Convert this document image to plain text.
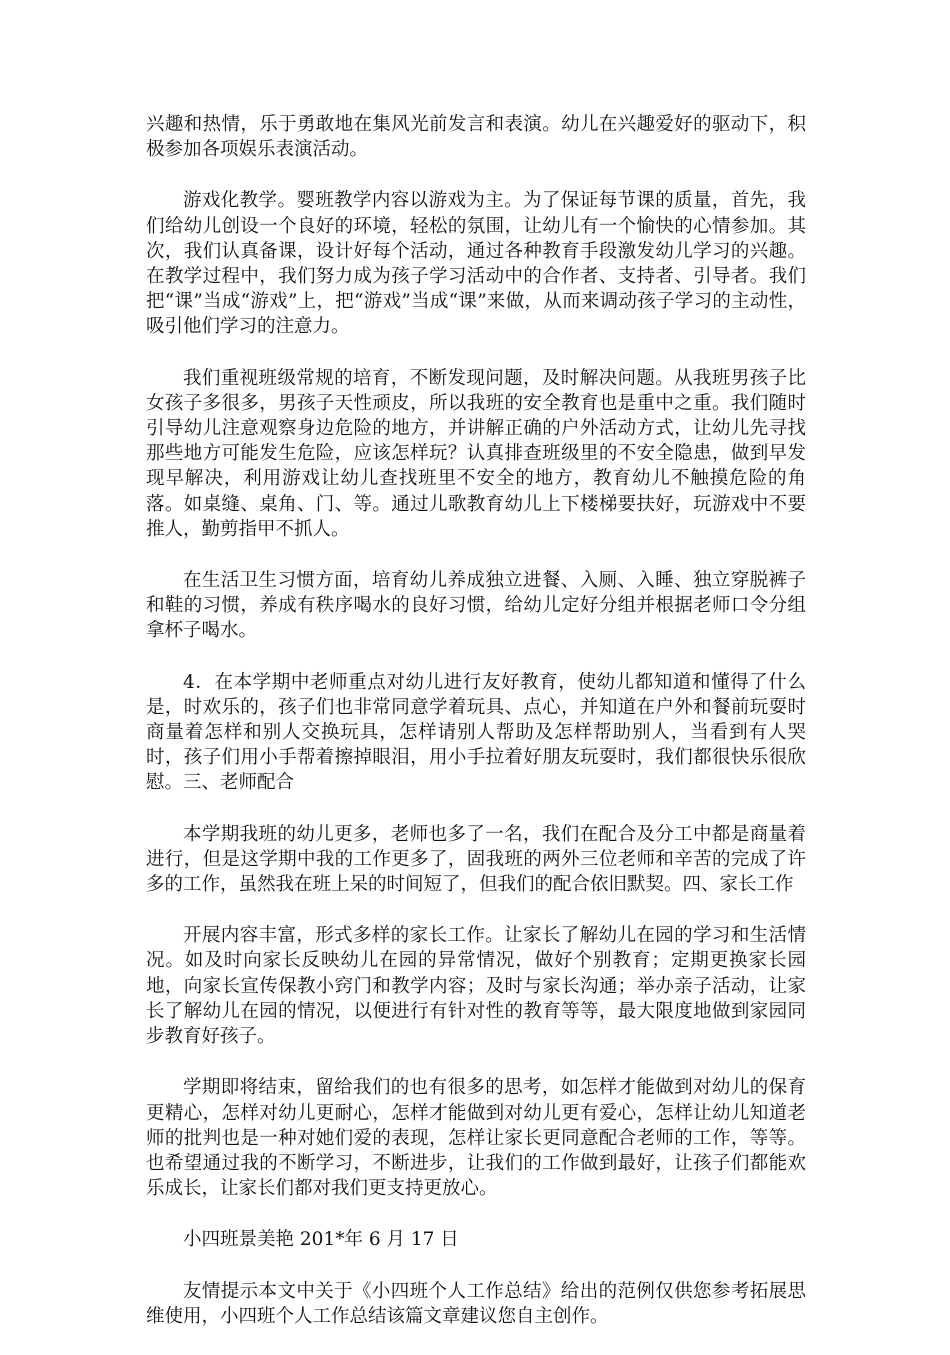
兴趣和热情，乐于勇敢地在集风光前发言和表演。幼儿在兴趣爱好的驱动下，积极参加各项娱乐表演活动。

游戏化教学。婴班教学内容以游戏为主。为了保证每节课的质量，首先，我们给幼儿创设一个良好的环境，轻松的氛围，让幼儿有一个愉快的心情参加。其次，我们认真备课，设计好每个活动，通过各种教育手段激发幼儿学习的兴趣。在教学过程中，我们努力成为孩子学习活动中的合作者、支持者、引导者。我们把“课”当成“游戏”上，把“游戏”当成“课”来做，从而来调动孩子学习的主动性，吸引他们学习的注意力。

我们重视班级常规的培育，不断发现问题，及时解决问题。从我班男孩子比女孩子多很多，男孩子天性顽皮，所以我班的安全教育也是重中之重。我们随时引导幼儿注意观察身边危险的地方，并讲解正确的户外活动方式，让幼儿先寻找那些地方可能发生危险，应该怎样玩？认真排查班级里的不安全隐患，做到早发现早解决，利用游戏让幼儿查找班里不安全的地方，教育幼儿不触摸危险的角落。如桌缝、桌角、门、等。通过儿歌教育幼儿上下楼梯要扶好，玩游戏中不要推人，勤剪指甲不抓人。

在生活卫生习惯方面，培育幼儿养成独立进餐、入厕、入睡、独立穿脱裤子和鞋的习惯，养成有秩序喝水的良好习惯，给幼儿定好分组并根据老师口令分组拿杯子喝水。

4．在本学期中老师重点对幼儿进行友好教育，使幼儿都知道和懂得了什么是，时欢乐的，孩子们也非常同意学着玩具、点心，并知道在户外和餐前玩耍时商量着怎样和别人交换玩具，怎样请别人帮助及怎样帮助别人，当看到有人哭时，孩子们用小手帮着擦掉眼泪，用小手拉着好朋友玩耍时，我们都很快乐很欣慰。三、老师配合

本学期我班的幼儿更多，老师也多了一名，我们在配合及分工中都是商量着进行，但是这学期中我的工作更多了，固我班的两外三位老师和辛苦的完成了许多的工作，虽然我在班上呆的时间短了，但我们的配合依旧默契。四、家长工作

开展内容丰富，形式多样的家长工作。让家长了解幼儿在园的学习和生活情况。如及时向家长反映幼儿在园的异常情况，做好个别教育；定期更换家长园地，向家长宣传保教小窍门和教学内容；及时与家长沟通；举办亲子活动，让家长了解幼儿在园的情况，以便进行有针对性的教育等等，最大限度地做到家园同步教育好孩子。

学期即将结束，留给我们的也有很多的思考，如怎样才能做到对幼儿的保育更精心，怎样对幼儿更耐心，怎样才能做到对幼儿更有爱心，怎样让幼儿知道老师的批判也是一种对她们爱的表现，怎样让家长更同意配合老师的工作，等等。也希望通过我的不断学习，不断进步，让我们的工作做到最好，让孩子们都能欢乐成长，让家长们都对我们更支持更放心。

小四班景美艳 201*年 6 月 17 日

友情提示本文中关于《小四班个人工作总结》给出的范例仅供您参考拓展思维使用，小四班个人工作总结该篇文章建议您自主创作。
